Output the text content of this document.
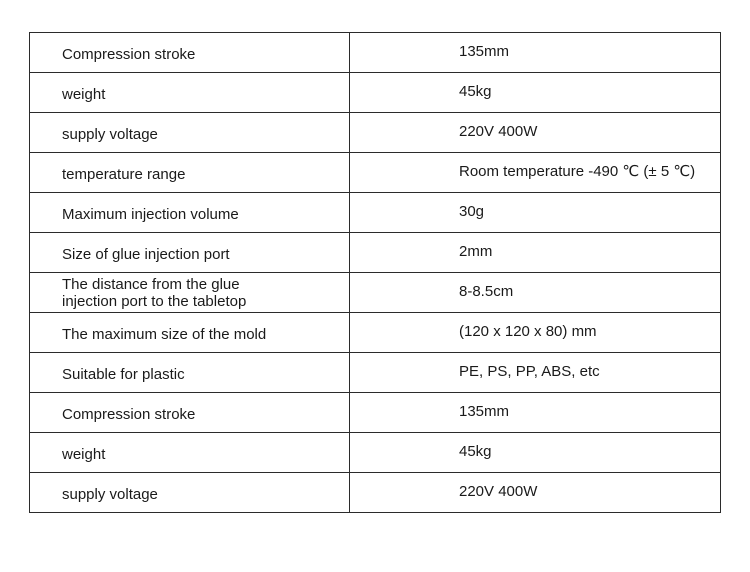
Compression stroke	135mm

weight	45kg

supply voltage	220V 400W

temperature range	Room temperature -490 ℃ (± 5 ℃)

Maximum injection volume	30g

Size of glue injection port	2mm

The distance from the glue injection port to the tabletop	8-8.5cm

The maximum size of the mold	(120 x 120 x 80) mm

Suitable for plastic	PE, PS, PP, ABS, etc

Compression stroke	135mm

weight	45kg

supply voltage	220V 400W
